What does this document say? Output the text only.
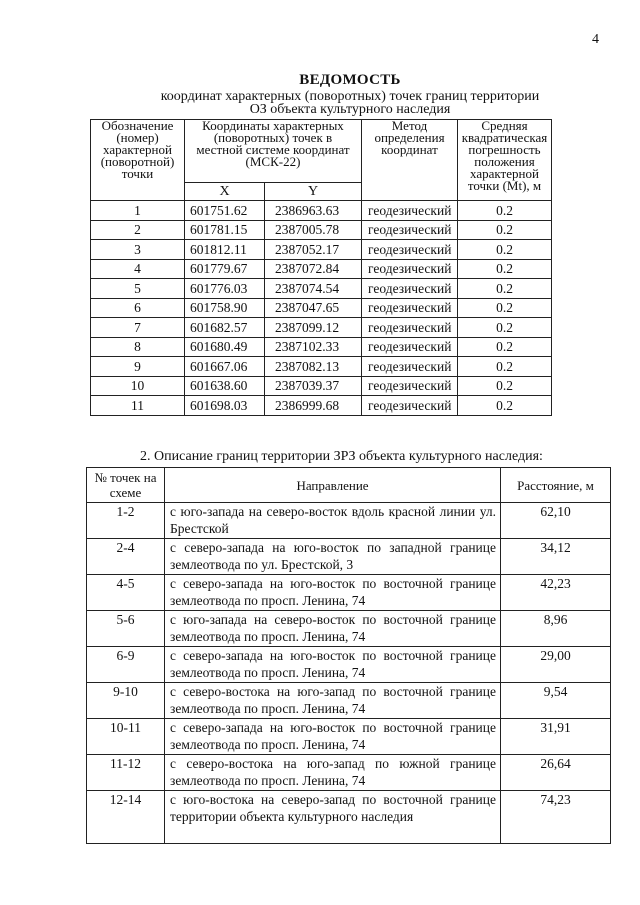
4
ВЕДОМОСТЬ
координат характерных (поворотных) точек границ территории
ОЗ объекта культурного наследия
Обозначение (номер) характерной (поворотной) точки	Координаты характерных (поворотных) точек в местной системе координат (МСК-22)		Метод определения координат	Средняя квадратическая погрешность положения характерной точки (Mt), м
	X	Y		
1	601751.62	2386963.63	геодезический	0.2
2	601781.15	2387005.78	геодезический	0.2
3	601812.11	2387052.17	геодезический	0.2
4	601779.67	2387072.84	геодезический	0.2
5	601776.03	2387074.54	геодезический	0.2
6	601758.90	2387047.65	геодезический	0.2
7	601682.57	2387099.12	геодезический	0.2
8	601680.49	2387102.33	геодезический	0.2
9	601667.06	2387082.13	геодезический	0.2
10	601638.60	2387039.37	геодезический	0.2
11	601698.03	2386999.68	геодезический	0.2
2. Описание границ территории ЗРЗ объекта культурного наследия:
№ точек на схеме	Направление	Расстояние, м
1-2	с юго-запада на северо-восток вдоль красной линии ул. Брестской	62,10
2-4	с северо-запада на юго-восток по западной границе землеотвода по ул. Брестской, 3	34,12
4-5	с северо-запада на юго-восток по восточной границе землеотвода по просп. Ленина, 74	42,23
5-6	с юго-запада на северо-восток по восточной границе землеотвода по просп. Ленина, 74	8,96
6-9	с северо-запада на юго-восток по восточной границе землеотвода по просп. Ленина, 74	29,00
9-10	с северо-востока на юго-запад по восточной границе землеотвода по просп. Ленина, 74	9,54
10-11	с северо-запада на юго-восток по восточной границе землеотвода по просп. Ленина, 74	31,91
11-12	с северо-востока на юго-запад по южной границе землеотвода по просп. Ленина, 74	26,64
12-14	с юго-востока на северо-запад по восточной границе территории объекта культурного наследия	74,23
